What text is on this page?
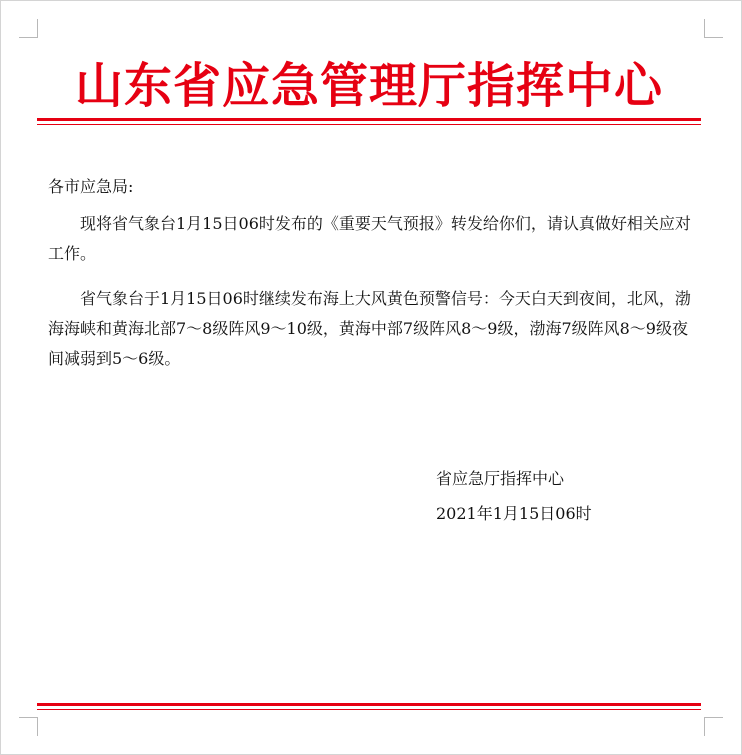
山东省应急管理厅指挥中心
各市应急局:

现将省气象台1月15日06时发布的《重要天气预报》转发给你们，请认真做好相关应对工作。

省气象台于1月15日06时继续发布海上大风黄色预警信号：今天白天到夜间，北风，渤海海峡和黄海北部7～8级阵风9～10级，黄海中部7级阵风8～9级，渤海7级阵风8～9级夜间减弱到5～6级。

省应急厅指挥中心
2021年1月15日06时
